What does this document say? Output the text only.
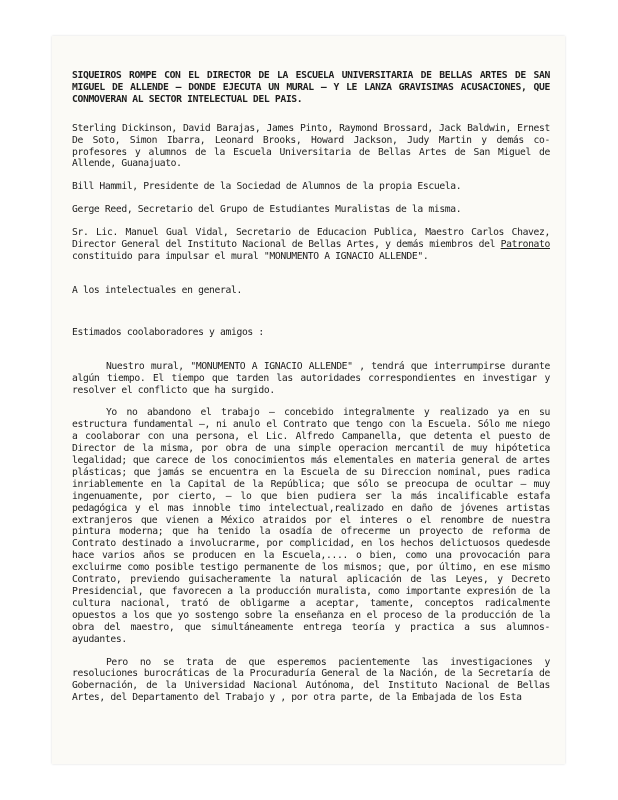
SIQUEIROS ROMPE CON EL DIRECTOR DE LA ESCUELA UNIVERSITARIA DE BELLAS ARTES DE SAN MIGUEL DE ALLENDE — DONDE EJECUTA UN MURAL — Y LE LANZA GRAVISIMAS ACUSACIONES, QUE CONMOVERAN AL SECTOR INTELECTUAL DEL PAIS.

Sterling Dickinson, David Barajas, James Pinto, Raymond Brossard, Jack Baldwin, Ernest De Soto, Simon Ibarra, Leonard Brooks, Howard Jackson, Judy Martin y demás co-profesores y alumnos de la Escuela Universitaria de Bellas Artes de San Miguel de Allende, Guanajuato.

Bill Hammil, Presidente de la Sociedad de Alumnos de la propia Escuela.

Gerge Reed, Secretario del Grupo de Estudiantes Muralistas de la misma.

Sr. Lic. Manuel Gual Vidal, Secretario de Educacion Publica, Maestro Carlos Chavez, Director General del Instituto Nacional de Bellas Artes, y demás miembros del Patronato constituido para impulsar el mural "MONUMENTO A IGNACIO ALLENDE".

A los intelectuales en general.

Estimados coolaboradores y amigos :

Nuestro mural, "MONUMENTO A IGNACIO ALLENDE" , tendrá que interrumpirse durante algún tiempo. El tiempo que tarden las autoridades correspondientes en investigar y resolver el conflicto que ha surgido.

Yo no abandono el trabajo — concebido integralmente y realizado ya en su estructura fundamental —, ni anulo el Contrato que tengo con la Escuela. Sólo me niego a coolaborar con una persona, el Lic. Alfredo Campanella, que detenta el puesto de Director de la misma, por obra de una simple operacion mercantil de muy hipótetica legalidad; que carece de los conocimientos más elementales en materia general de artes plásticas; que jamás se encuentra en la Escuela de su Direccion nominal, pues radica inriablemente en la Capital de la República; que sólo se preocupa de ocultar — muy ingenuamente, por cierto, — lo que bien pudiera ser la más incalificable estafa pedagógica y el mas innoble timo intelectual,realizado en daño de jóvenes artistas extranjeros que vienen a México atraidos por el interes o el renombre de nuestra pintura moderna; que ha tenido la osadía de ofrecerme un proyecto de reforma de Contrato destinado a involucrarme, por complicidad, en los hechos delictuosos quedesde hace varios años se producen en la Escuela,.... o bien, como una provocación para excluirme como posible testigo permanente de los mismos; que, por último, en ese mismo Contrato, previendo guisacheramente la natural aplicación de las Leyes, y Decreto Presidencial, que favorecen a la producción muralista, como importante expresión de la cultura nacional, trató de obligarme a aceptar, tamente, conceptos radicalmente opuestos a los que yo sostengo sobre la enseñanza en el proceso de la producción de la obra del maestro, que simultáneamente entrega teoría y practica a sus alumnos-ayudantes.

Pero no se trata de que esperemos pacientemente las investigaciones y resoluciones burocráticas de la Procuraduría General de la Nación, de la Secretaría de Gobernación, de la Universidad Nacional Autónoma, del Instituto Nacional de Bellas Artes, del Departamento del Trabajo y , por otra parte, de la Embajada de los Esta
